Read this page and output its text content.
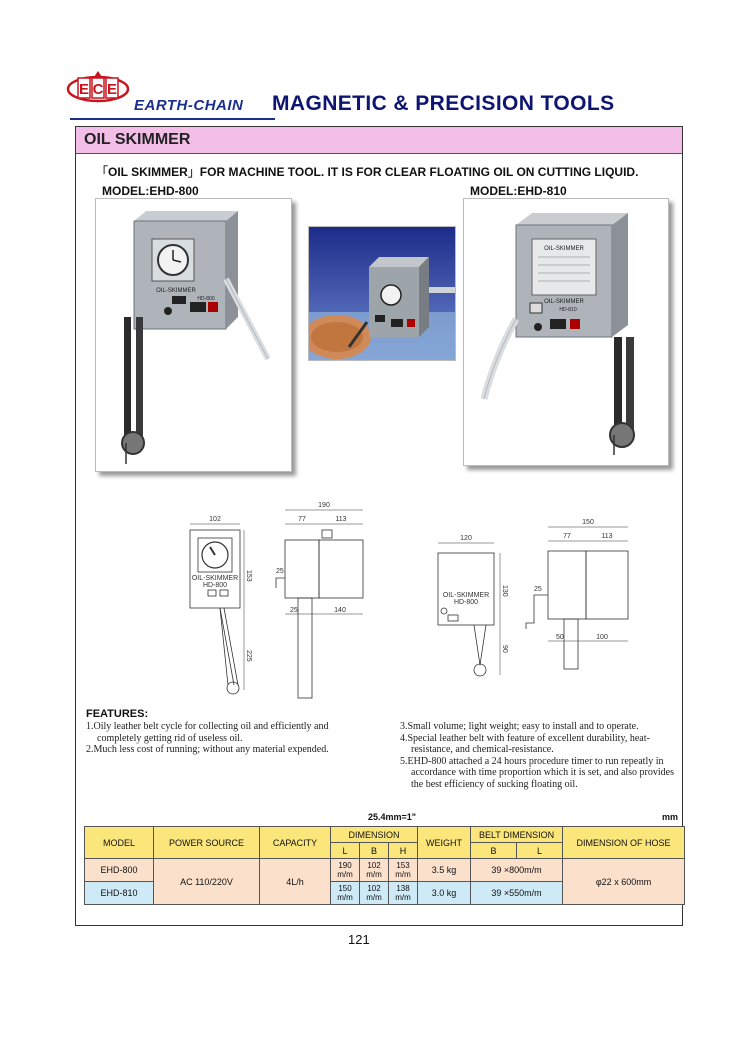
E C E
EARTH-CHAIN MAGNETIC & PRECISION TOOLS
OIL SKIMMER
「OIL SKIMMER」FOR MACHINE TOOL. IT IS FOR CLEAR FLOATING OIL ON CUTTING LIQUID.
MODEL:EHD-800	MODEL:EHD-810
OIL-SKIMMER
HD-800
OIL-SKIMMER
OIL-SKIMMER
HD-810
OIL-SKIMMER
HD-800
102
153
225
190
77	113
25
25	140
OIL-SKIMMER
HD-800
120
130
90
150
77	113
25
50	100
FEATURES:

1.Oily leather belt cycle for collecting oil and efficiently and

completely getting rid of useless oil.

2.Much less cost of running; without any material expended.

3.Small volume; light weight; easy to install and to operate.

4.Special leather belt with feature of excellent durability, heat-

resistance, and chemical-resistance.

5.EHD-800 attached a 24 hours procedure timer to run repeatly in

accordance with time proportion which it is set, and also provides

the best efficiency of sucking floating oil.

25.4mm=1"	mm
MODEL	POWER SOURCE	CAPACITY	DIMENSION			WEIGHT	BELT DIMENSION		DIMENSION OF HOSE
			L	B	H		B	L	
EHD-800	AC 110/220V	4L/h	190 m/m	102 m/m	153 m/m	3.5 kg	39 ×800m/m		φ22 x 600mm
EHD-810			150 m/m	102 m/m	138 m/m	3.0 kg	39 ×550m/m		
121
